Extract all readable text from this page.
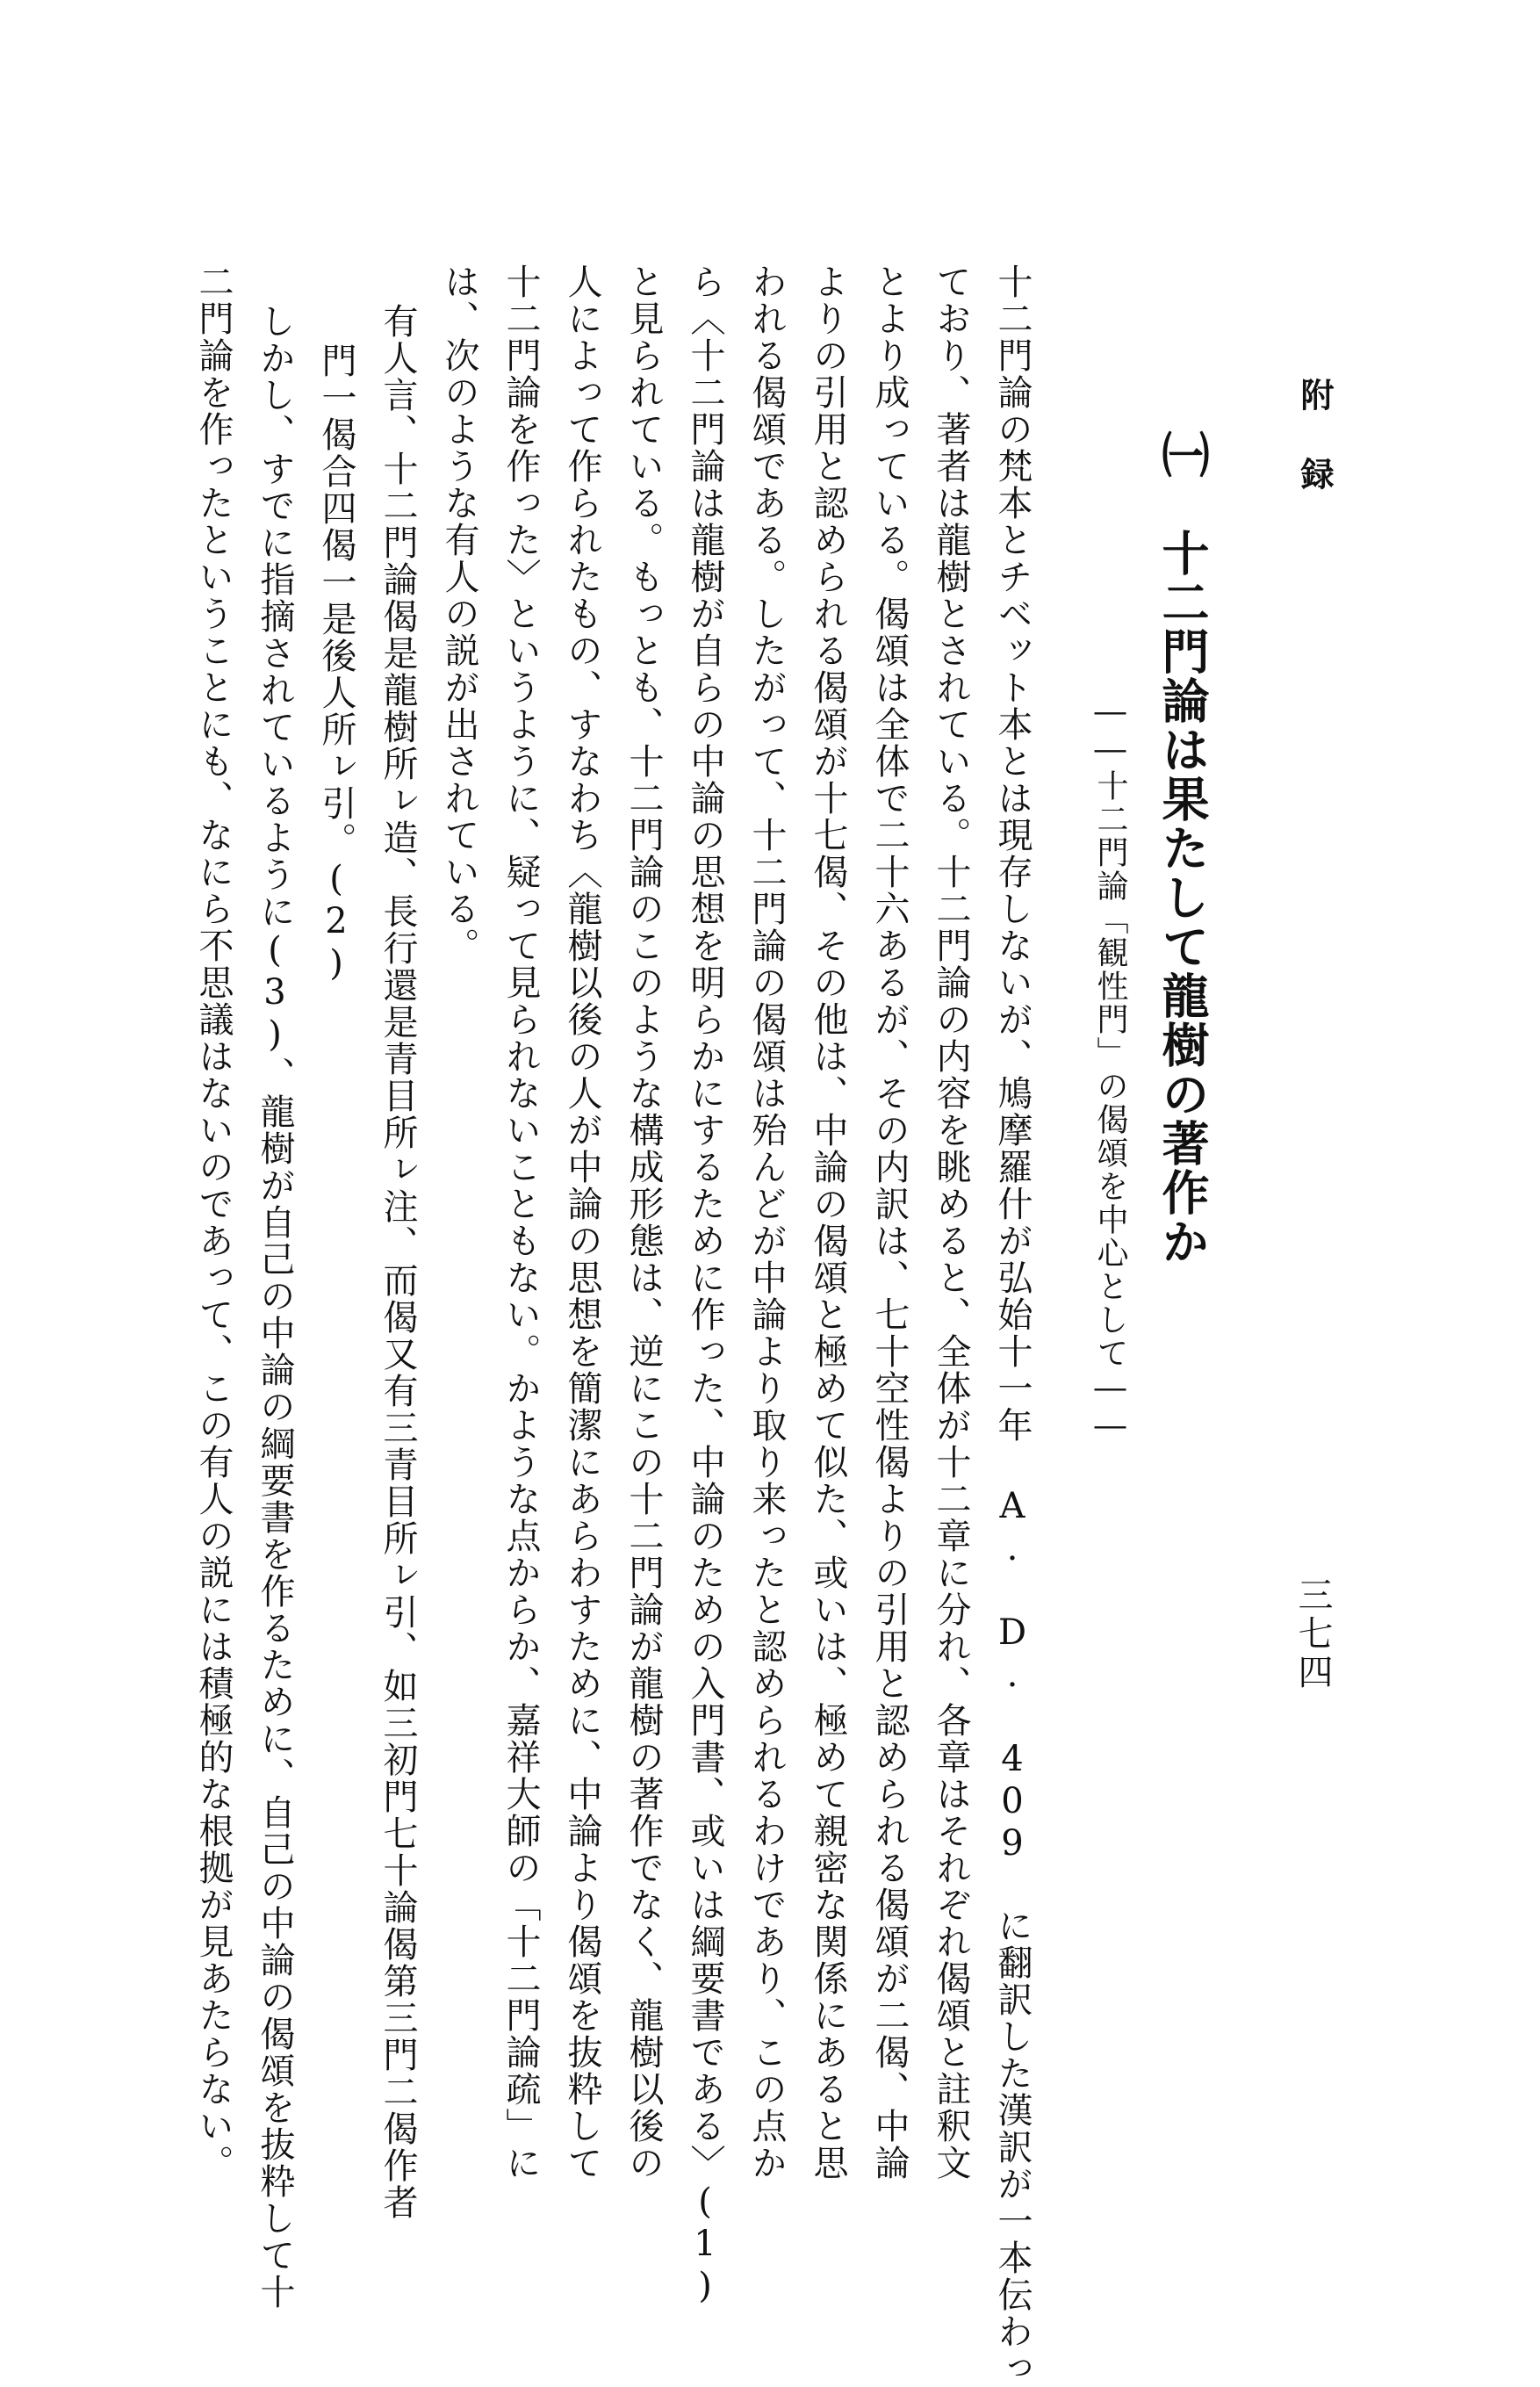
附録
三七四
㈠　十二門論は果たして龍樹の著作か
――十二門論「観性門」の偈頌を中心として――
十二門論の梵本とチベット本とは現存しないが、鳩摩羅什が弘始十一年 A. D. 409 に翻訳した漢訳が一本伝わっ
ており、著者は龍樹とされている。十二門論の内容を眺めると、全体が十二章に分れ、各章はそれぞれ偈頌と註釈文
とより成っている。偈頌は全体で二十六あるが、その内訳は、七十空性偈よりの引用と認められる偈頌が二偈、中論
よりの引用と認められる偈頌が十七偈、その他は、中論の偈頌と極めて似た、或いは、極めて親密な関係にあると思
われる偈頌である。したがって、十二門論の偈頌は殆んどが中論より取り来ったと認められるわけであり、この点か
ら〈十二門論は龍樹が自らの中論の思想を明らかにするために作った、中論のための入門書、或いは綱要書である〉(1)
と見られている。もっとも、十二門論のこのような構成形態は、逆にこの十二門論が龍樹の著作でなく、龍樹以後の
人によって作られたもの、すなわち〈龍樹以後の人が中論の思想を簡潔にあらわすために、中論より偈頌を抜粋して
十二門論を作った〉というように、疑って見られないこともない。かような点からか、嘉祥大師の「十二門論疏」に
は、次のような有人の説が出されている。
有人言、十二門論偈是龍樹所ㇾ造、長行還是青目所ㇾ注、而偈又有三青目所ㇾ引、如三初門七十論偈第三門二偈作者
門一偈合四偈一是後人所ㇾ引。(2)
しかし、すでに指摘されているように(3)、龍樹が自己の中論の綱要書を作るために、自己の中論の偈頌を抜粋して十
二門論を作ったということにも、なにら不思議はないのであって、この有人の説には積極的な根拠が見あたらない。
